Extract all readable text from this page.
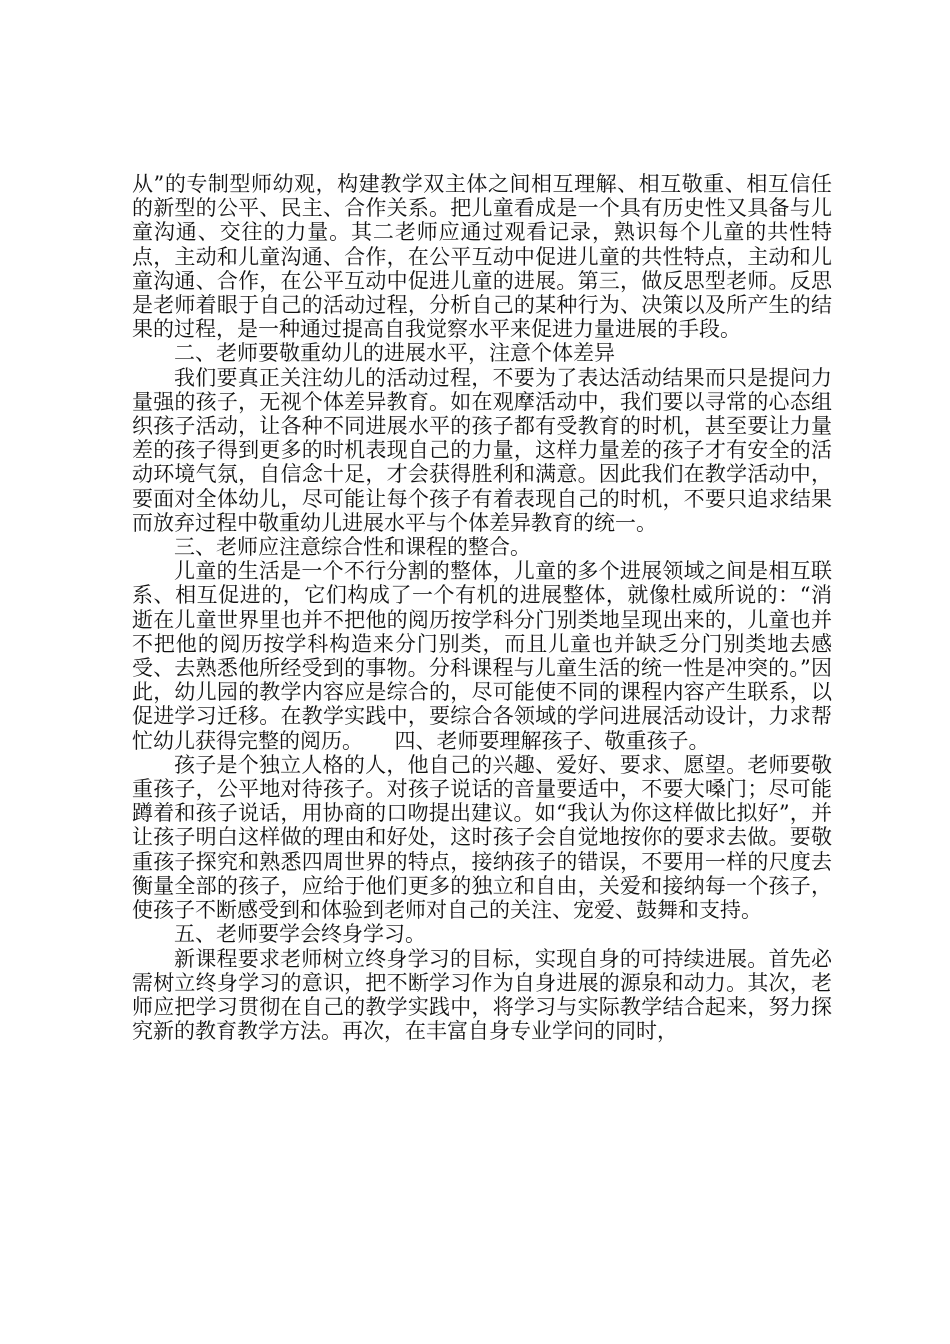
从”的专制型师幼观，构建教学双主体之间相互理解、相互敬重、相互信任的新型的公平、民主、合作关系。把儿童看成是一个具有历史性又具备与儿童沟通、交往的力量。其二老师应通过观看记录，熟识每个儿童的共性特点，主动和儿童沟通、合作，在公平互动中促进儿童的共性特点，主动和儿童沟通、合作，在公平互动中促进儿童的进展。第三，做反思型老师。反思是老师着眼于自己的活动过程，分析自己的某种行为、决策以及所产生的结果的过程，是一种通过提高自我觉察水平来促进力量进展的手段。

二、老师要敬重幼儿的进展水平，注意个体差异

我们要真正关注幼儿的活动过程，不要为了表达活动结果而只是提问力量强的孩子，无视个体差异教育。如在观摩活动中，我们要以寻常的心态组织孩子活动，让各种不同进展水平的孩子都有受教育的时机，甚至要让力量差的孩子得到更多的时机表现自己的力量，这样力量差的孩子才有安全的活动环境气氛，自信念十足，才会获得胜利和满意。因此我们在教学活动中，要面对全体幼儿，尽可能让每个孩子有着表现自己的时机，不要只追求结果而放弃过程中敬重幼儿进展水平与个体差异教育的统一。

三、老师应注意综合性和课程的整合。

儿童的生活是一个不行分割的整体，儿童的多个进展领域之间是相互联系、相互促进的，它们构成了一个有机的进展整体，就像杜威所说的：“消逝在儿童世界里也并不把他的阅历按学科分门别类地呈现出来的，儿童也并不把他的阅历按学科构造来分门别类，而且儿童也并缺乏分门别类地去感受、去熟悉他所经受到的事物。分科课程与儿童生活的统一性是冲突的。”因此，幼儿园的教学内容应是综合的，尽可能使不同的课程内容产生联系，以促进学习迁移。在教学实践中，要综合各领域的学问进展活动设计，力求帮忙幼儿获得完整的阅历。　　四、老师要理解孩子、敬重孩子。

孩子是个独立人格的人，他自己的兴趣、爱好、要求、愿望。老师要敬重孩子，公平地对待孩子。对孩子说话的音量要适中，不要大嗓门；尽可能蹲着和孩子说话，用协商的口吻提出建议。如“我认为你这样做比拟好”，并让孩子明白这样做的理由和好处，这时孩子会自觉地按你的要求去做。要敬重孩子探究和熟悉四周世界的特点，接纳孩子的错误，不要用一样的尺度去衡量全部的孩子，应给于他们更多的独立和自由，关爱和接纳每一个孩子，使孩子不断感受到和体验到老师对自己的关注、宠爱、鼓舞和支持。

五、老师要学会终身学习。

新课程要求老师树立终身学习的目标，实现自身的可持续进展。首先必需树立终身学习的意识，把不断学习作为自身进展的源泉和动力。其次，老师应把学习贯彻在自己的教学实践中，将学习与实际教学结合起来，努力探究新的教育教学方法。再次，在丰富自身专业学问的同时，
